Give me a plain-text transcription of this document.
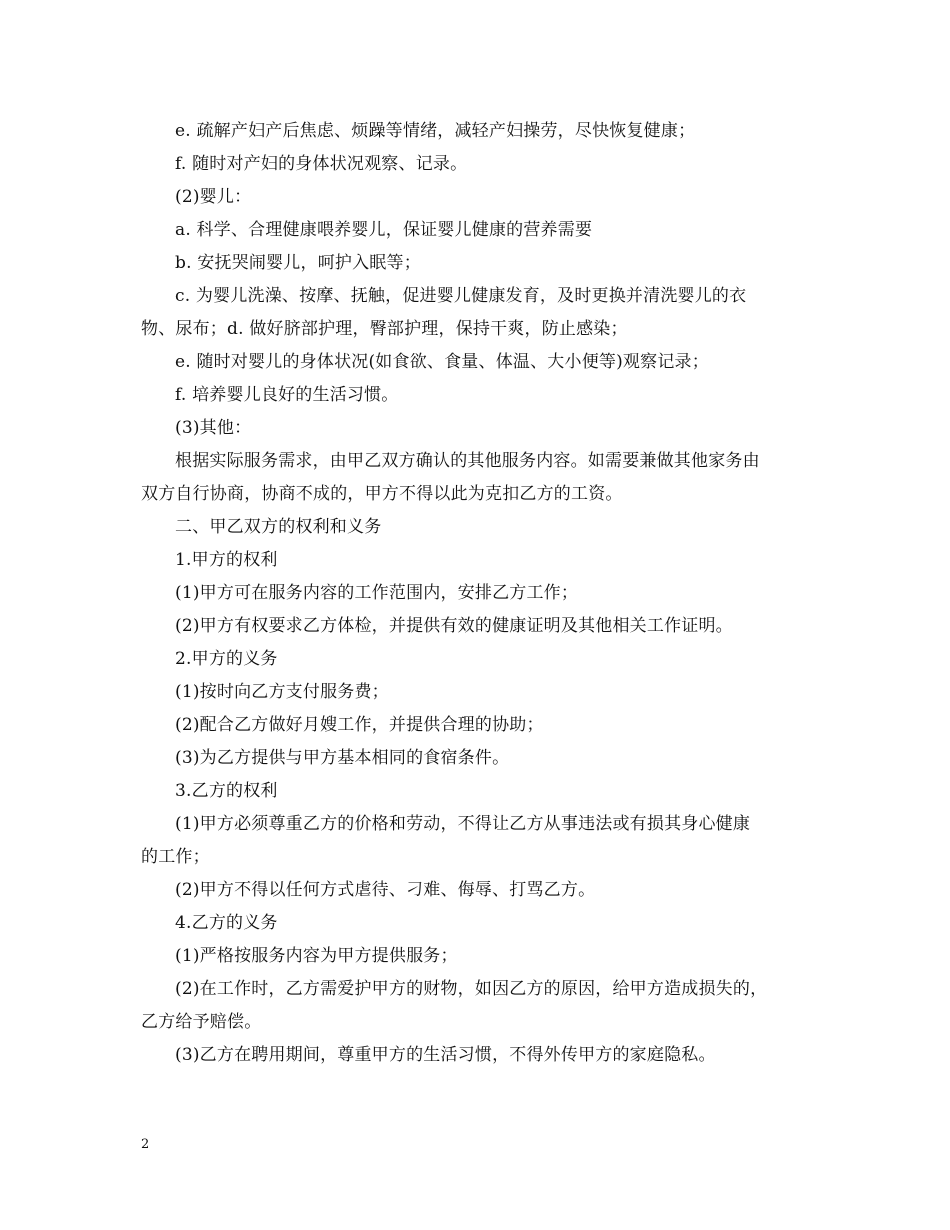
e. 疏解产妇产后焦虑、烦躁等情绪，减轻产妇操劳，尽快恢复健康；
f. 随时对产妇的身体状况观察、记录。
(2)婴儿：
a. 科学、合理健康喂养婴儿，保证婴儿健康的营养需要
b. 安抚哭闹婴儿，呵护入眠等；
c. 为婴儿洗澡、按摩、抚触，促进婴儿健康发育，及时更换并清洗婴儿的衣
物、尿布；d. 做好脐部护理，臀部护理，保持干爽，防止感染；
e. 随时对婴儿的身体状况(如食欲、食量、体温、大小便等)观察记录；
f. 培养婴儿良好的生活习惯。
(3)其他：
根据实际服务需求，由甲乙双方确认的其他服务内容。如需要兼做其他家务由
双方自行协商，协商不成的，甲方不得以此为克扣乙方的工资。
二、甲乙双方的权利和义务
1.甲方的权利
(1)甲方可在服务内容的工作范围内，安排乙方工作；
(2)甲方有权要求乙方体检，并提供有效的健康证明及其他相关工作证明。
2.甲方的义务
(1)按时向乙方支付服务费；
(2)配合乙方做好月嫂工作，并提供合理的协助；
(3)为乙方提供与甲方基本相同的食宿条件。
3.乙方的权利
(1)甲方必须尊重乙方的价格和劳动，不得让乙方从事违法或有损其身心健康
的工作；
(2)甲方不得以任何方式虐待、刁难、侮辱、打骂乙方。
4.乙方的义务
(1)严格按服务内容为甲方提供服务；
(2)在工作时，乙方需爱护甲方的财物，如因乙方的原因，给甲方造成损失的，
乙方给予赔偿。
(3)乙方在聘用期间，尊重甲方的生活习惯，不得外传甲方的家庭隐私。
2
